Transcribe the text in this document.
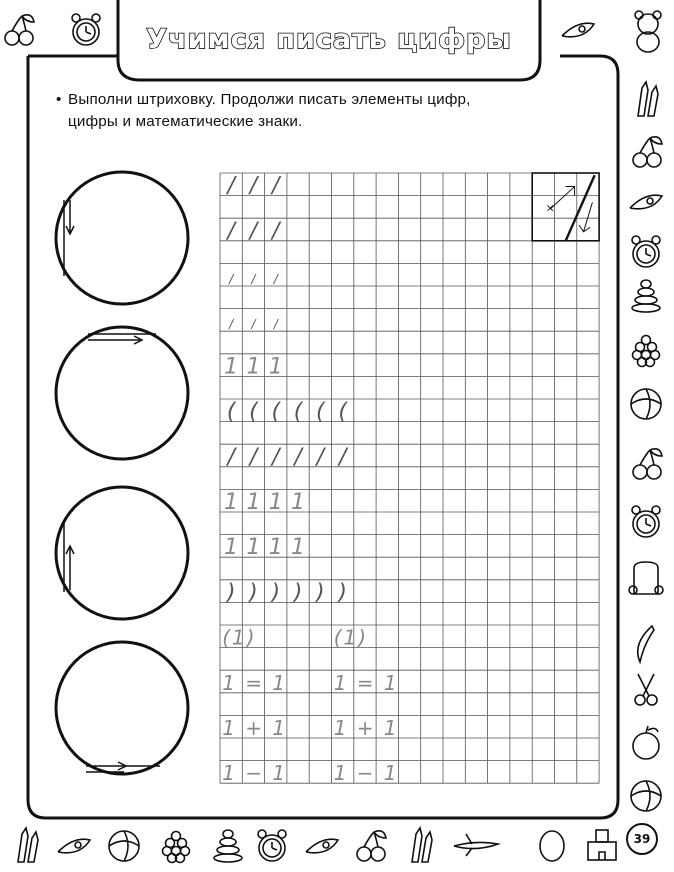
Учимся писать цифры
• Выполни штриховку. Продолжи писать элементы цифр,
цифры и математические знаки.
×
/ / /
/ / /
/ / /
/ / /
1 1 1
( ( ( ( ( (
/ / / / / /
1 1 1 1
1 1 1 1
) ) ) ) ) )
(1)	(1)
1 = 1 1 = 1
1 + 1 1 + 1
1 − 1 1 − 1
39
